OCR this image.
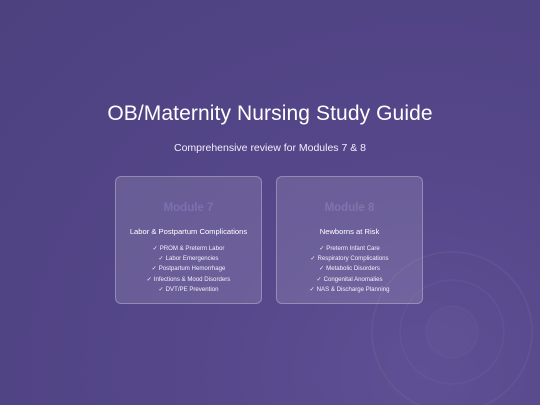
OB/Maternity Nursing Study Guide
Comprehensive review for Modules 7 & 8
Module 7
Labor & Postpartum Complications
✓ PROM & Preterm Labor
✓ Labor Emergencies
✓ Postpartum Hemorrhage
✓ Infections & Mood Disorders
✓ DVT/PE Prevention
Module 8
Newborns at Risk
✓ Preterm Infant Care
✓ Respiratory Complications
✓ Metabolic Disorders
✓ Congenital Anomalies
✓ NAS & Discharge Planning
